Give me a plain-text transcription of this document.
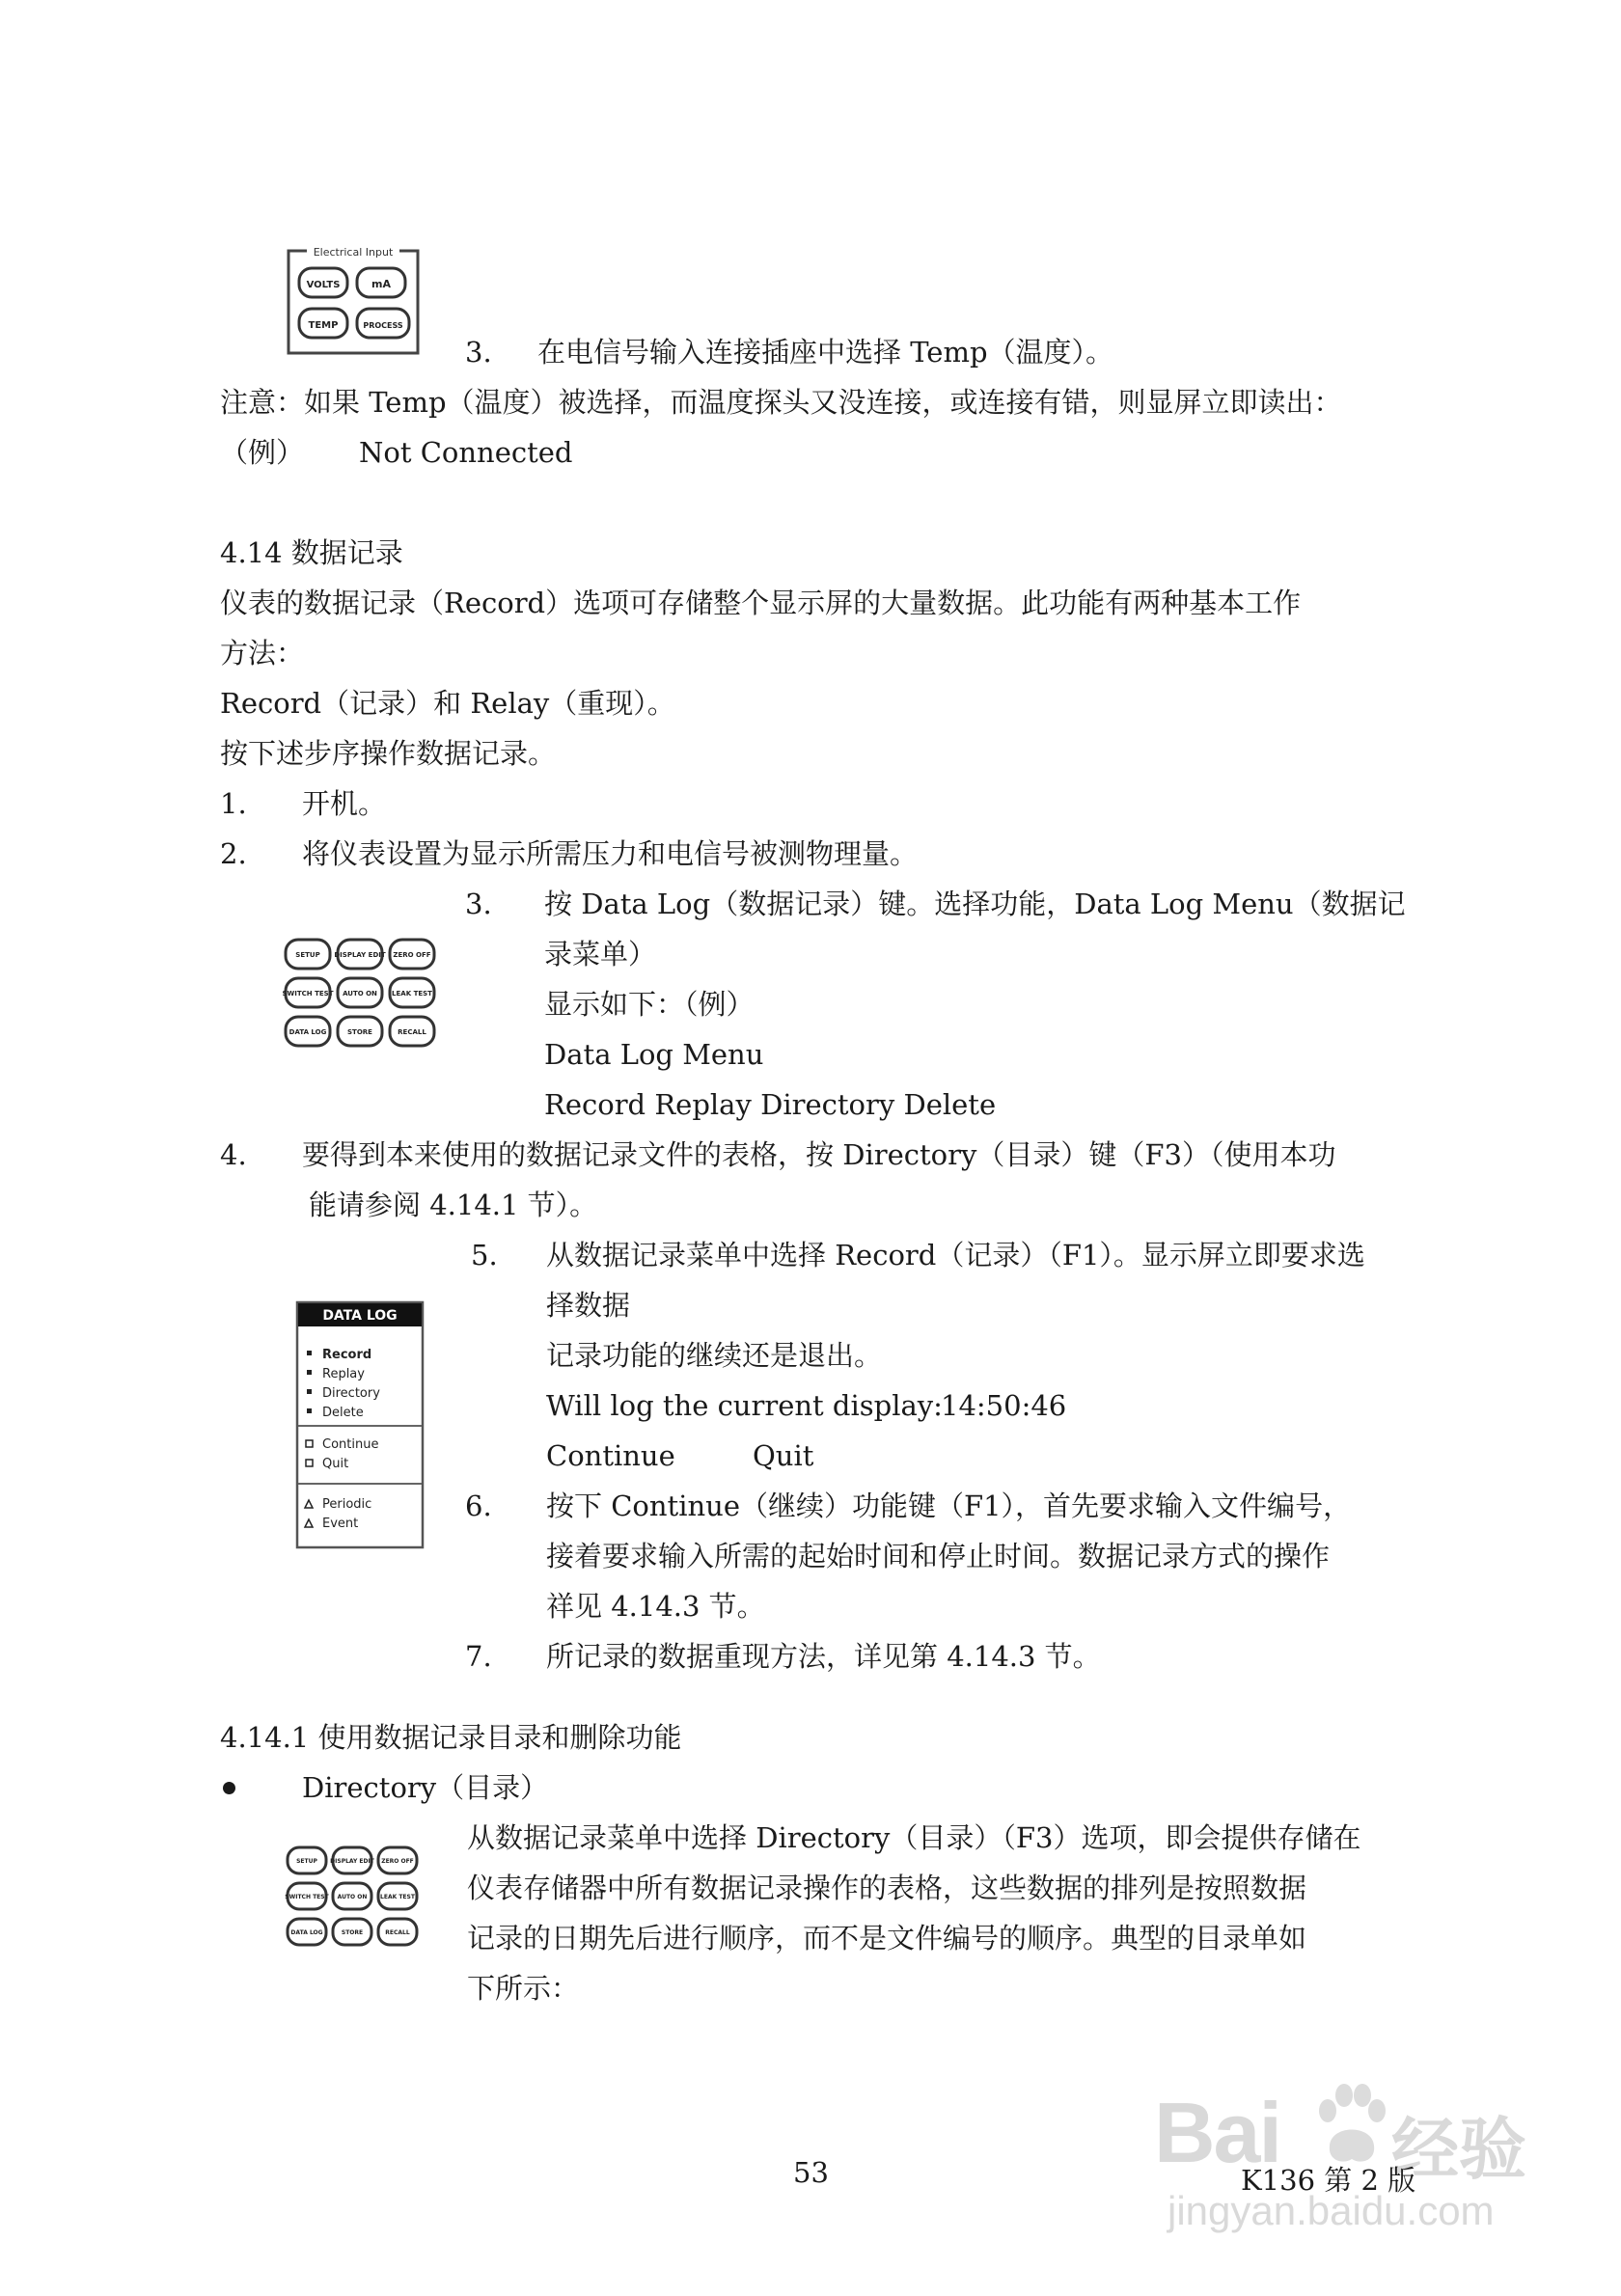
Electrical Input
VOLTS	mA
TEMP	PROCESS
3. 在电信号输入连接插座中选择 Temp（温度）。
注意：如果 Temp（温度）被选择，而温度探头又没连接，或连接有错，则显屏立即读出：
（例） Not Connected
4.14 数据记录
仪表的数据记录（Record）选项可存储整个显示屏的大量数据。此功能有两种基本工作
方法：
Record（记录）和 Relay（重现）。
按下述步序操作数据记录。
1. 开机。
2. 将仪表设置为显示所需压力和电信号被测物理量。
SETUP DISPLAY EDIT ZERO OFF
SWITCH TEST AUTO ON LEAK TEST
DATA LOG	STORE	RECALL
3. 按 Data Log（数据记录）键。选择功能，Data Log Menu（数据记
录菜单）
显示如下：（例）
Data Log Menu
Record Replay Directory Delete
4. 要得到本来使用的数据记录文件的表格，按 Directory（目录）键（F3）（使用本功
能请参阅 4.14.1 节）。
DATA LOG
Record
Replay
Directory
Delete
Continue
Quit
Periodic
Event
5. 从数据记录菜单中选择 Record（记录）（F1）。显示屏立即要求选
择数据
记录功能的继续还是退出。
Will log the current display:
14:50:46
Continue	Quit
6. 按下 Continue（继续）功能键（F1），首先要求输入文件编号，
接着要求输入所需的起始时间和停止时间。数据记录方式的操作
祥见 4.14.3 节。
7. 所记录的数据重现方法，详见第 4.14.3 节。
4.14.1 使用数据记录目录和删除功能
Directory（目录）
SETUP DISPLAY EDIT ZERO OFF
SWITCH TEST AUTO ON LEAK TEST
DATA LOG	STORE	RECALL
从数据记录菜单中选择 Directory（目录）（F3）选项，即会提供存储在
仪表存储器中所有数据记录操作的表格，这些数据的排列是按照数据
记录的日期先后进行顺序，而不是文件编号的顺序。典型的目录单如
下所示：
Bai 经验
jingyan.baidu.com
53	K136 第 2 版
